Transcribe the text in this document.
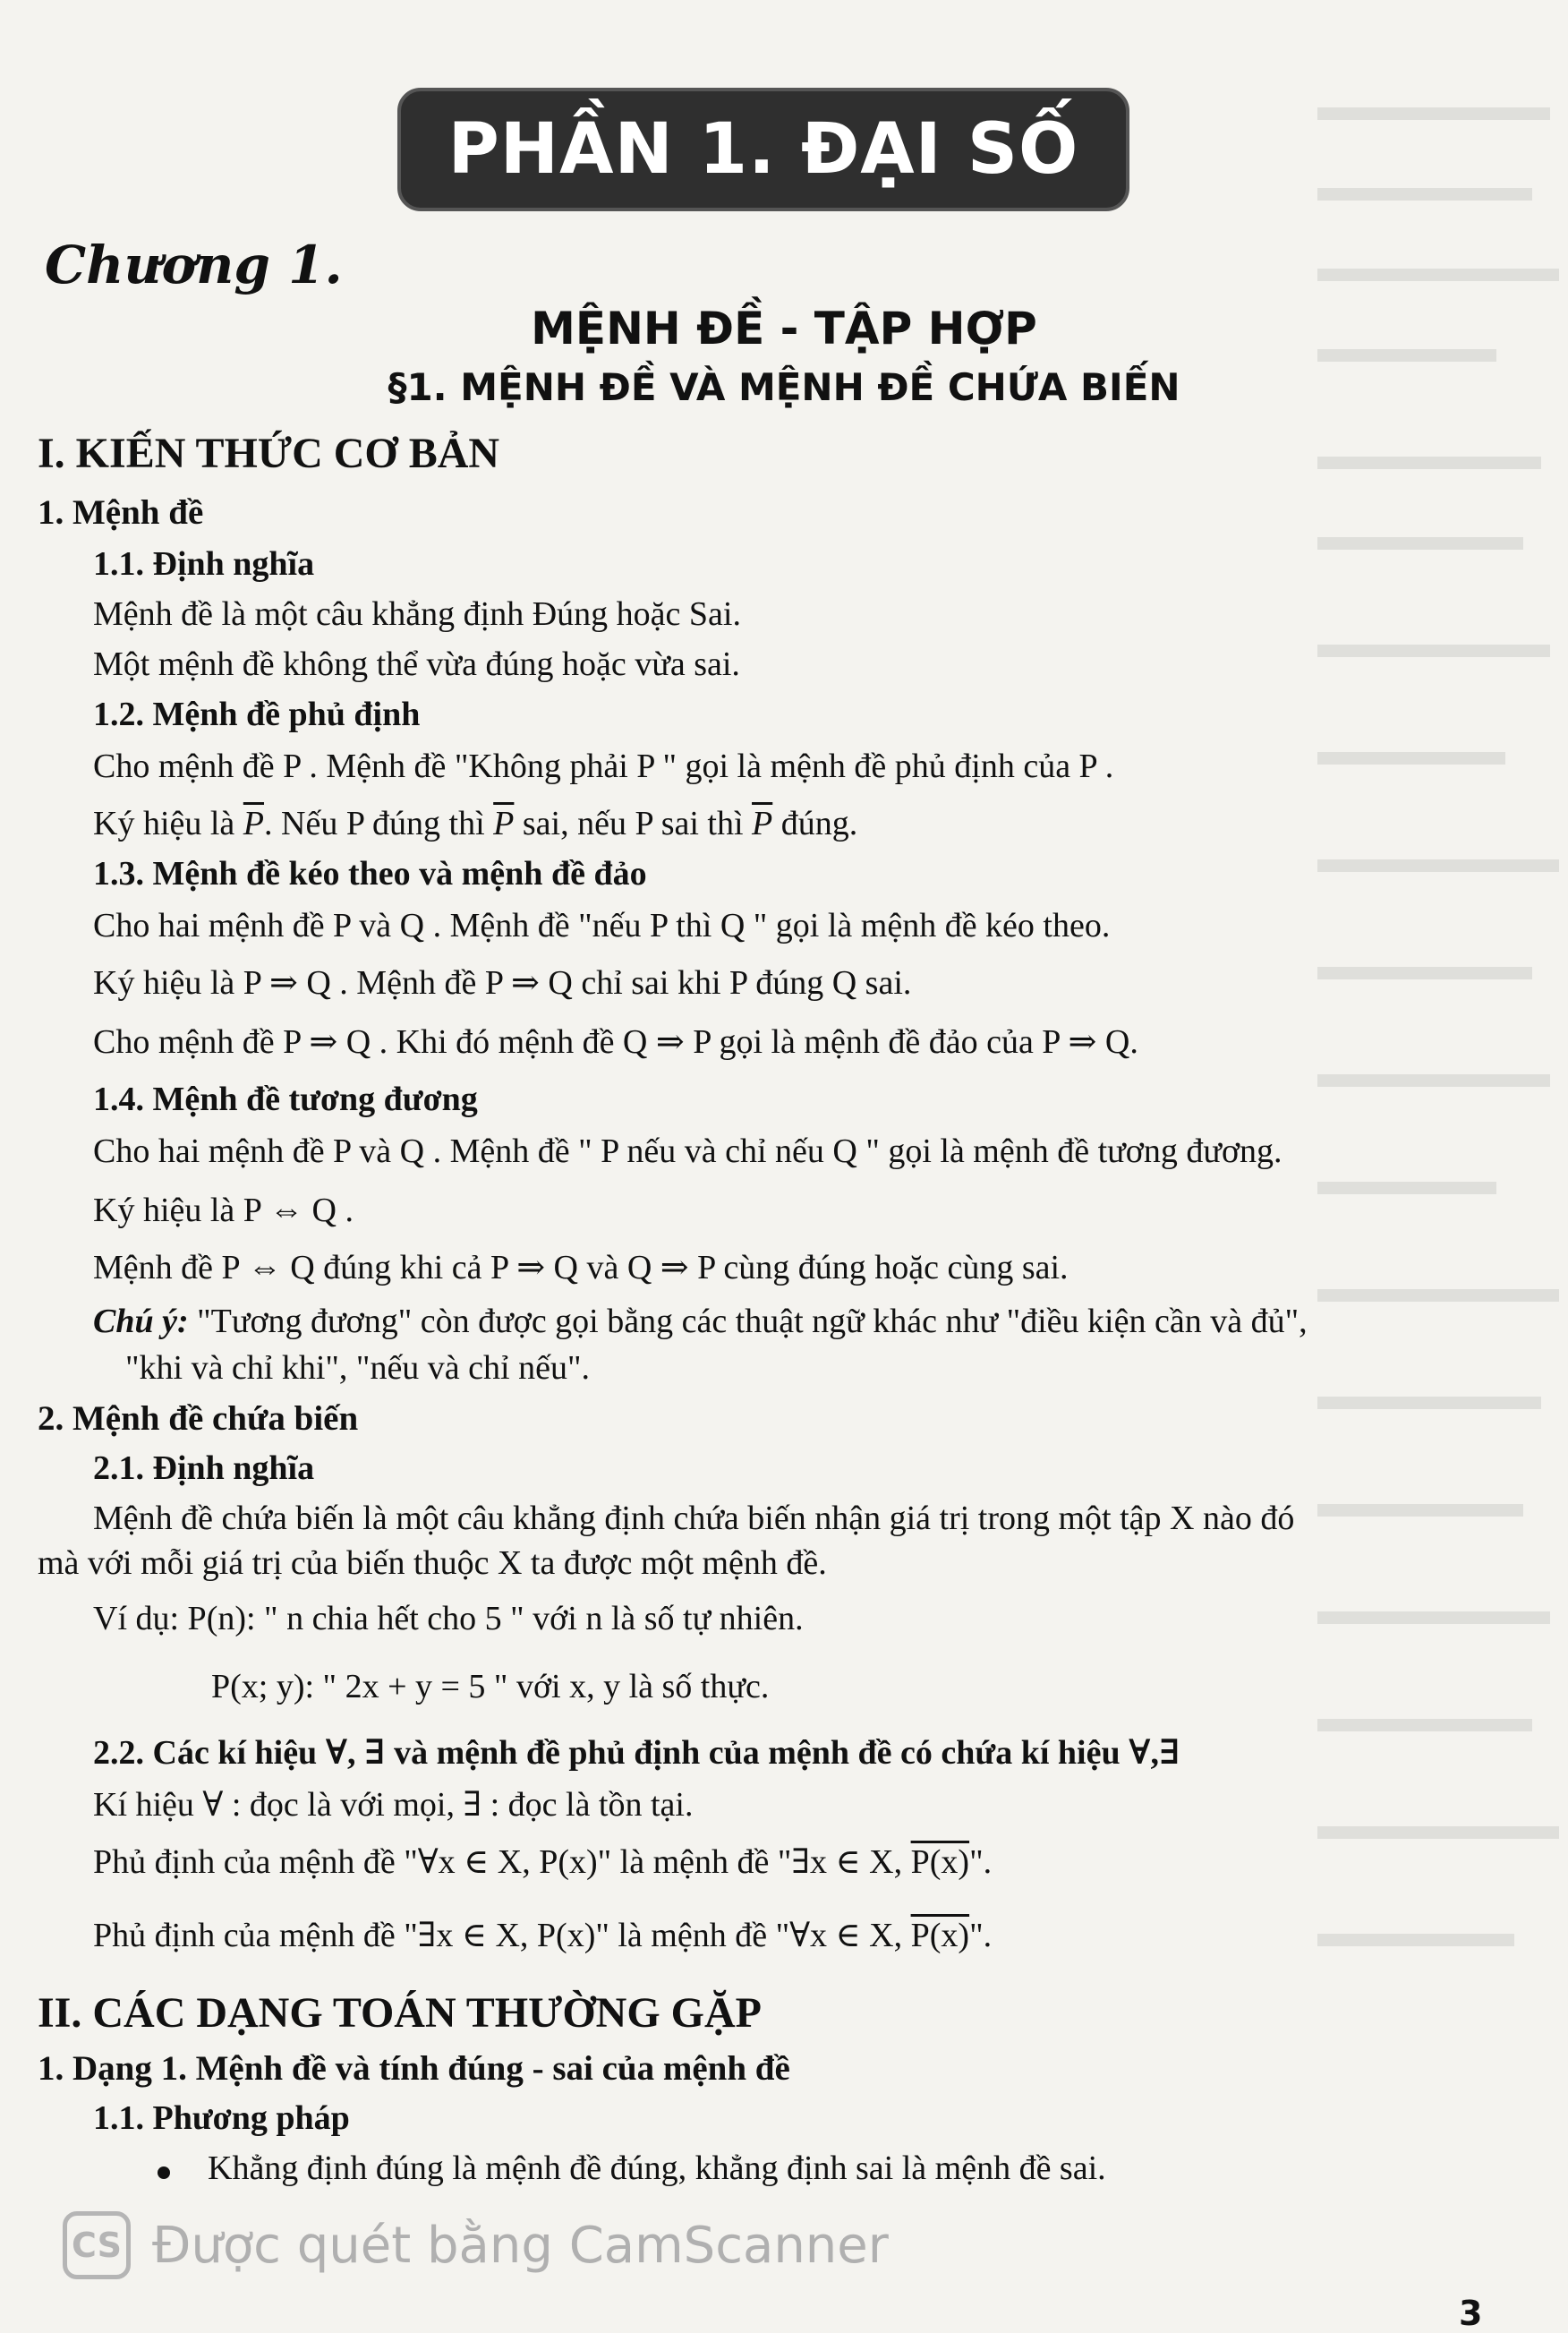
PHẦN 1. ĐẠI SỐ
Chương 1.
MỆNH ĐỀ - TẬP HỢP
§1. MỆNH ĐỀ VÀ MỆNH ĐỀ CHỨA BIẾN
I. KIẾN THỨC CƠ BẢN
1. Mệnh đề
1.1. Định nghĩa
Mệnh đề là một câu khẳng định Đúng hoặc Sai.
Một mệnh đề không thể vừa đúng hoặc vừa sai.
1.2. Mệnh đề phủ định
Cho mệnh đề P . Mệnh đề "Không phải P " gọi là mệnh đề phủ định của P .
Ký hiệu là $\overline{P}$. Nếu P đúng thì $\overline{P}$ sai, nếu P sai thì $\overline{P}$ đúng.
1.3. Mệnh đề kéo theo và mệnh đề đảo
Cho hai mệnh đề P và Q . Mệnh đề "nếu P thì Q " gọi là mệnh đề kéo theo.
Ký hiệu là P ⇒ Q . Mệnh đề P ⇒ Q chỉ sai khi P đúng Q sai.
Cho mệnh đề P ⇒ Q . Khi đó mệnh đề Q ⇒ P gọi là mệnh đề đảo của P ⇒ Q.
1.4. Mệnh đề tương đương
Cho hai mệnh đề P và Q . Mệnh đề " P nếu và chỉ nếu Q " gọi là mệnh đề tương đương.
Ký hiệu là P ⇔ Q .
Mệnh đề P ⇔ Q đúng khi cả P ⇒ Q và Q ⇒ P cùng đúng hoặc cùng sai.
Chú ý: "Tương đương" còn được gọi bằng các thuật ngữ khác như "điều kiện cần và đủ",
"khi và chỉ khi", "nếu và chỉ nếu".
2. Mệnh đề chứa biến
2.1. Định nghĩa
Mệnh đề chứa biến là một câu khẳng định chứa biến nhận giá trị trong một tập X nào đó
mà với mỗi giá trị của biến thuộc X ta được một mệnh đề.
Ví dụ: P(n): " n chia hết cho 5 " với n là số tự nhiên.
P(x; y): " 2x + y = 5 " với x, y là số thực.
2.2. Các kí hiệu ∀, ∃ và mệnh đề phủ định của mệnh đề có chứa kí hiệu ∀,∃
Kí hiệu ∀ : đọc là với mọi, ∃ : đọc là tồn tại.
Phủ định của mệnh đề "∀x ∈ X, P(x)" là mệnh đề "∃x ∈ X, P(x)".
Phủ định của mệnh đề "∃x ∈ X, P(x)" là mệnh đề "∀x ∈ X, P(x)".
II. CÁC DẠNG TOÁN THƯỜNG GẶP
1. Dạng 1. Mệnh đề và tính đúng - sai của mệnh đề
1.1. Phương pháp
Khẳng định đúng là mệnh đề đúng, khẳng định sai là mệnh đề sai.
CS Được quét bằng CamScanner
3
